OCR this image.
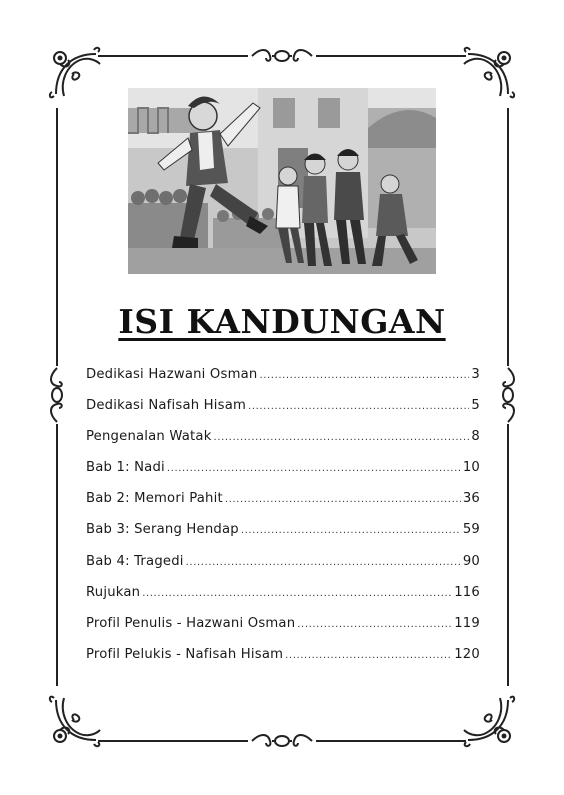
ISI KANDUNGAN
Dedikasi Hazwani Osman .....	3
Dedikasi Nafisah Hisam .....	5
Pengenalan Watak .....	8
Bab 1: Nadi .....	10
Bab 2: Memori Pahit .....	36
Bab 3: Serang Hendap .....	59
Bab 4: Tragedi .....	90
Rujukan .....	116
Profil Penulis - Hazwani Osman .....	119
Profil Pelukis - Nafisah Hisam .....	120
